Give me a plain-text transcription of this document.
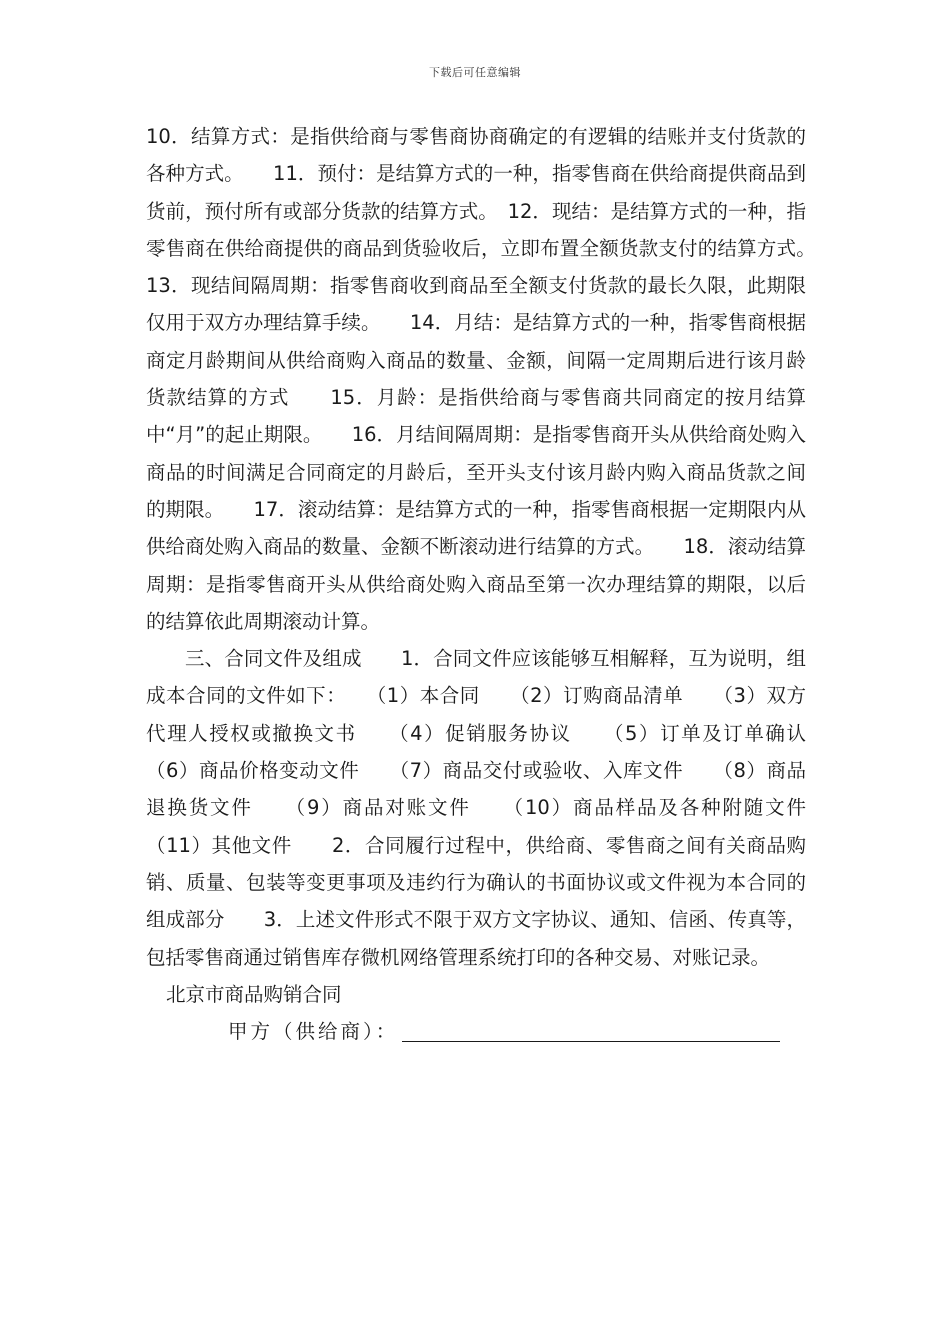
下载后可任意编辑

10．结算方式：是指供给商与零售商协商确定的有逻辑的结账并支付货款的各种方式。　　11．预付：是结算方式的一种，指零售商在供给商提供商品到货前，预付所有或部分货款的结算方式。　12．现结：是结算方式的一种，指零售商在供给商提供的商品到货验收后，立即布置全额货款支付的结算方式。　　13．现结间隔周期：指零售商收到商品至全额支付货款的最长久限，此期限仅用于双方办理结算手续。　　14．月结：是结算方式的一种，指零售商根据商定月龄期间从供给商购入商品的数量、金额，间隔一定周期后进行该月龄货款结算的方式　　15．月龄：是指供给商与零售商共同商定的按月结算中“月”的起止期限。　　16．月结间隔周期：是指零售商开头从供给商处购入商品的时间满足合同商定的月龄后，至开头支付该月龄内购入商品货款之间的期限。　　17．滚动结算：是结算方式的一种，指零售商根据一定期限内从供给商处购入商品的数量、金额不断滚动进行结算的方式。　　18．滚动结算周期：是指零售商开头从供给商处购入商品至第一次办理结算的期限，以后的结算依此周期滚动计算。

三、合同文件及组成　　1．合同文件应该能够互相解释，互为说明，组成本合同的文件如下：　　（1）本合同　　（2）订购商品清单　　（3）双方代理人授权或撤换文书　　（4）促销服务协议　　（5）订单及订单确认　　（6）商品价格变动文件　　（7）商品交付或验收、入库文件　　（8）商品退换货文件　　（9）商品对账文件　　（10）商品样品及各种附随文件　　（11）其他文件　　2．合同履行过程中，供给商、零售商之间有关商品购销、质量、包装等变更事项及违约行为确认的书面协议或文件视为本合同的组成部分　　3．上述文件形式不限于双方文字协议、通知、信函、传真等，包括零售商通过销售库存微机网络管理系统打印的各种交易、对账记录。

北京市商品购销合同

甲方（供给商）：
